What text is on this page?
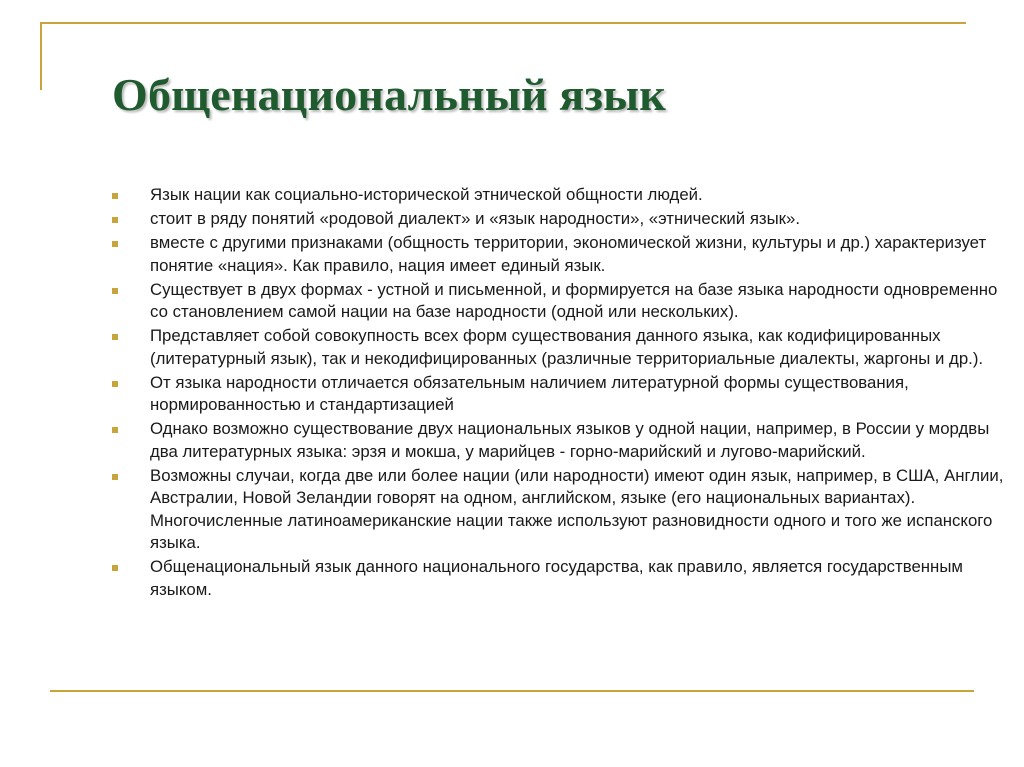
Общенациональный язык
Язык нации как социально-исторической этнической общности людей.
стоит в ряду понятий «родовой диалект» и «язык народности», «этнический язык».
вместе с другими признаками (общность территории, экономической жизни, культуры и др.) характеризует понятие «нация». Как правило, нация имеет единый язык.
Существует в двух формах - устной и письменной, и формируется на базе языка народности одновременно со становлением самой нации на базе народности (одной или нескольких).
Представляет собой совокупность всех форм существования данного языка, как кодифицированных (литературный язык), так и некодифицированных (различные территориальные диалекты, жаргоны и др.).
От языка народности отличается обязательным наличием литературной формы существования, нормированностью и стандартизацией
Однако возможно существование двух национальных языков у одной нации, например, в России у мордвы два литературных языка: эрзя и мокша, у марийцев - горно-марийский и лугово-марийский.
Возможны случаи, когда две или более нации (или народности) имеют один язык, например, в США, Англии, Австралии, Новой Зеландии говорят на одном, английском, языке (его национальных вариантах). Многочисленные латиноамериканские нации также используют разновидности одного и того же испанского языка.
Общенациональный язык данного национального государства, как правило, является государственным языком.
